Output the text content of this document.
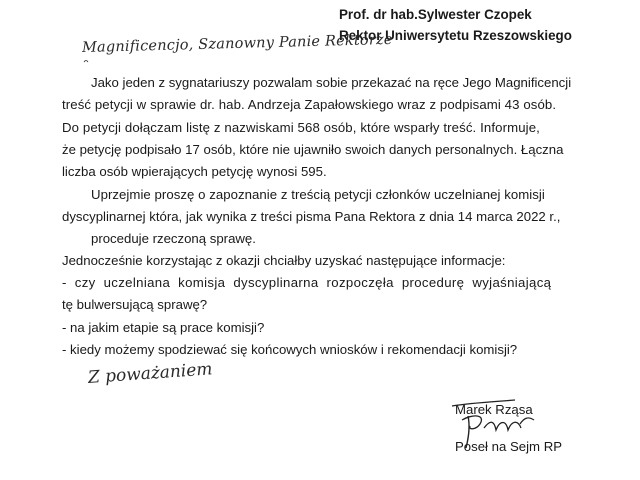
Prof. dr hab.Sylwester Czopek
Rektor Uniwersytetu Rzeszowskiego
Magnificencjo, Szanowny Panie Rektorze
Jako jeden z sygnatariuszy pozwalam sobie przekazać na ręce Jego Magnificencji
treść petycji w sprawie dr. hab. Andrzeja Zapałowskiego wraz z podpisami 43 osób.
Do petycji dołączam listę z nazwiskami 568 osób, które wsparły treść. Informuje,
że petycję podpisało 17 osób, które nie ujawniło swoich danych personalnych. Łączna
liczba osób wpierających petycję wynosi 595.
Uprzejmie proszę o zapoznanie z treścią petycji członków uczelnianej komisji
dyscyplinarnej która, jak wynika z treści pisma Pana Rektora z dnia 14 marca 2022 r.,
proceduje rzeczoną sprawę.
Jednocześnie korzystając z okazji chciałby uzyskać następujące informacje:
- czy uczelniana komisja dyscyplinarna rozpoczęła procedurę wyjaśniającą
tę bulwersującą sprawę?
- na jakim etapie są prace komisji?
- kiedy możemy spodziewać się końcowych wniosków i rekomendacji komisji?
Z poważaniem
Marek Rząsa
Poseł na Sejm RP
